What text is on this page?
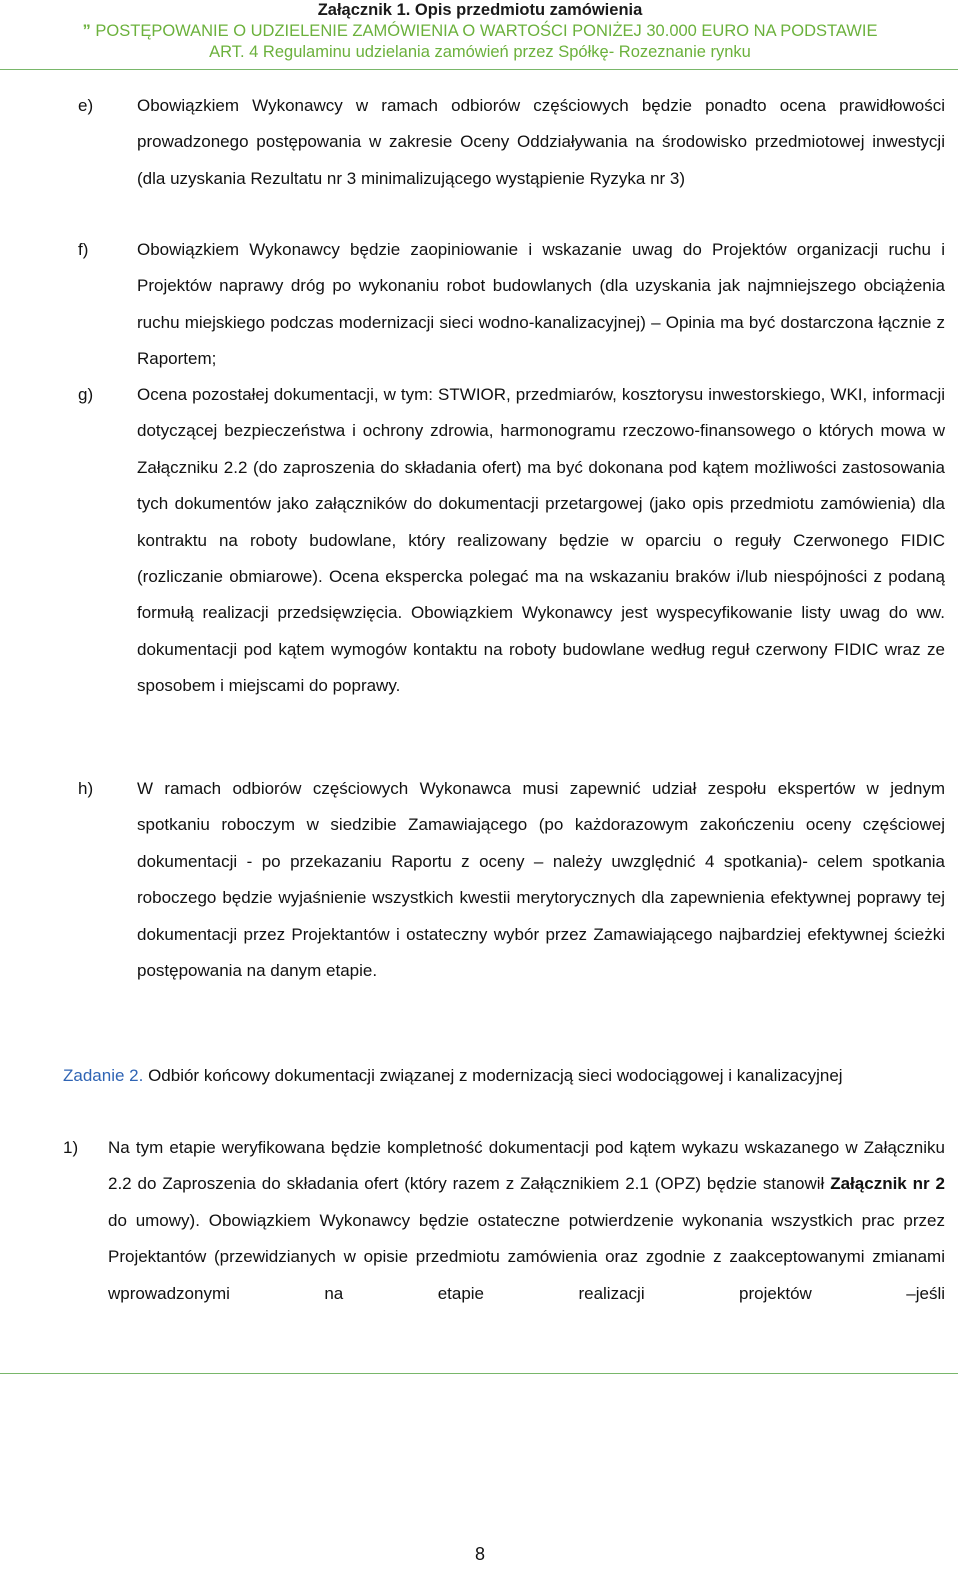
Załącznik 1. Opis przedmiotu zamówienia
” POSTĘPOWANIE O UDZIELENIE ZAMÓWIENIA O WARTOŚCI PONIŻEJ 30.000 EURO NA PODSTAWIE
ART. 4 Regulaminu udzielania zamówień przez Spółkę- Rozeznanie rynku
e)	Obowiązkiem Wykonawcy w ramach odbiorów częściowych będzie ponadto ocena prawidłowości prowadzonego postępowania w zakresie Oceny Oddziaływania na środowisko przedmiotowej inwestycji (dla uzyskania Rezultatu nr 3 minimalizującego wystąpienie Ryzyka nr 3)
f)	Obowiązkiem Wykonawcy będzie zaopiniowanie i wskazanie uwag do Projektów organizacji ruchu i Projektów naprawy dróg po wykonaniu robot budowlanych (dla uzyskania jak najmniejszego obciążenia ruchu miejskiego podczas modernizacji sieci wodno-kanalizacyjnej) – Opinia ma być dostarczona łącznie z Raportem;
g)	Ocena pozostałej dokumentacji, w tym: STWIOR, przedmiarów, kosztorysu inwestorskiego, WKI, informacji dotyczącej bezpieczeństwa i ochrony zdrowia, harmonogramu rzeczowo-finansowego o których mowa w Załączniku 2.2 (do zaproszenia do składania ofert) ma być dokonana pod kątem możliwości zastosowania tych dokumentów jako załączników do dokumentacji przetargowej (jako opis przedmiotu zamówienia) dla kontraktu na roboty budowlane, który realizowany będzie w oparciu o reguły Czerwonego FIDIC (rozliczanie obmiarowe). Ocena ekspercka polegać ma na wskazaniu braków i/lub niespójności z podaną formułą realizacji przedsięwzięcia. Obowiązkiem Wykonawcy jest wyspecyfikowanie listy uwag do ww. dokumentacji pod kątem wymogów kontaktu na roboty budowlane według reguł czerwony FIDIC wraz ze sposobem i miejscami do poprawy.
h)	W ramach odbiorów częściowych Wykonawca musi zapewnić udział zespołu ekspertów w jednym spotkaniu roboczym w siedzibie Zamawiającego (po każdorazowym zakończeniu oceny częściowej dokumentacji - po przekazaniu Raportu z oceny – należy uwzględnić 4 spotkania)- celem spotkania roboczego będzie wyjaśnienie wszystkich kwestii merytorycznych dla zapewnienia efektywnej poprawy tej dokumentacji przez Projektantów i ostateczny wybór przez Zamawiającego najbardziej efektywnej ścieżki postępowania na danym etapie.
Zadanie 2. Odbiór końcowy dokumentacji związanej z modernizacją sieci wodociągowej i kanalizacyjnej
1) Na tym etapie weryfikowana będzie kompletność dokumentacji pod kątem wykazu wskazanego w Załączniku 2.2 do Zaproszenia do składania ofert (który razem z Załącznikiem 2.1 (OPZ) będzie stanowił Załącznik nr 2 do umowy). Obowiązkiem Wykonawcy będzie ostateczne potwierdzenie wykonania wszystkich prac przez Projektantów (przewidzianych w opisie przedmiotu zamówienia oraz zgodnie z zaakceptowanymi zmianami wprowadzonymi na etapie realizacji projektów –jeśli
8
